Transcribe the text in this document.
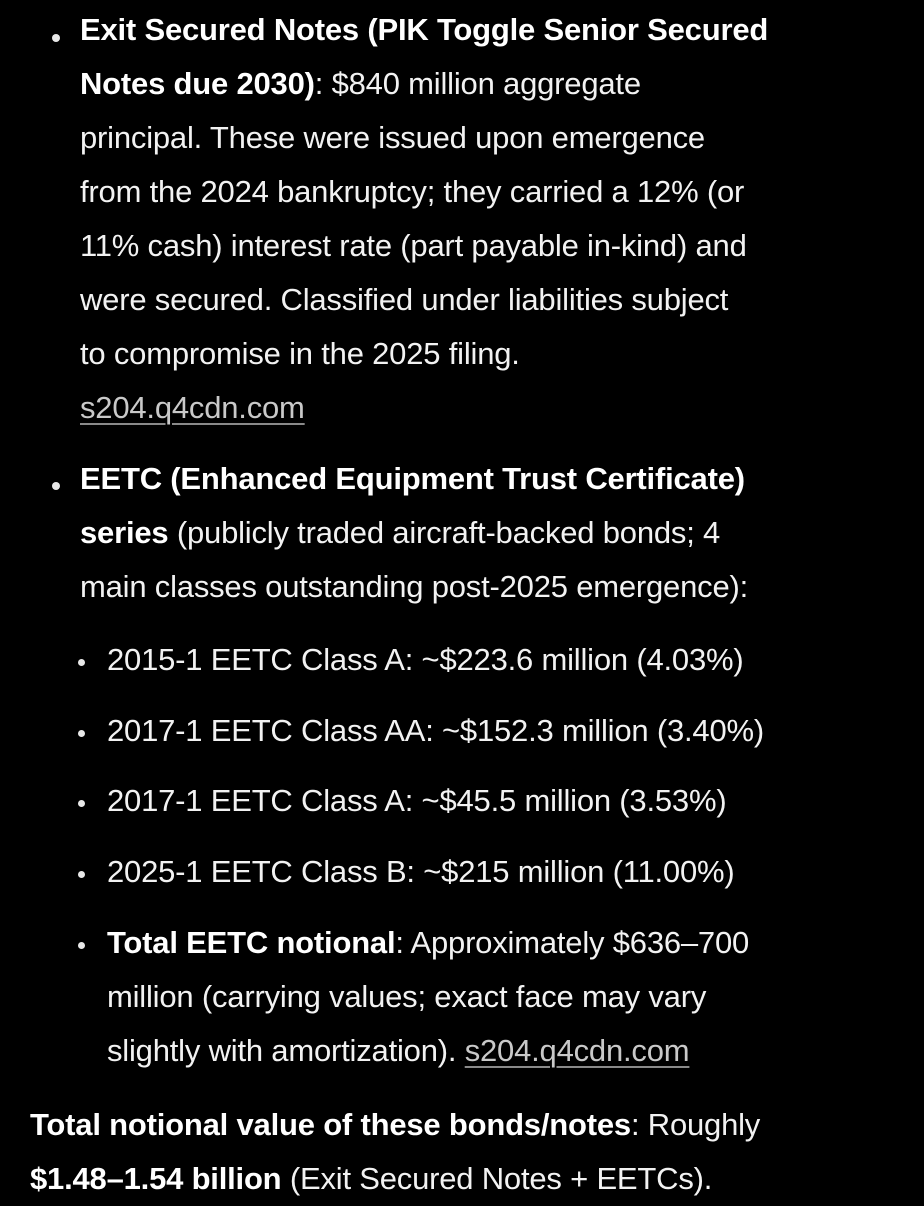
Exit Secured Notes (PIK Toggle Senior Secured
Notes due 2030): $840 million aggregate
principal. These were issued upon emergence
from the 2024 bankruptcy; they carried a 12% (or
11% cash) interest rate (part payable in-kind) and
were secured. Classified under liabilities subject
to compromise in the 2025 filing.
s204.q4cdn.com
EETC (Enhanced Equipment Trust Certificate)
series (publicly traded aircraft-backed bonds; 4
main classes outstanding post-2025 emergence):
2015-1 EETC Class A: ~$223.6 million (4.03%)
2017-1 EETC Class AA: ~$152.3 million (3.40%)
2017-1 EETC Class A: ~$45.5 million (3.53%)
2025-1 EETC Class B: ~$215 million (11.00%)
Total EETC notional: Approximately $636–700
million (carrying values; exact face may vary
slightly with amortization). s204.q4cdn.com
Total notional value of these bonds/notes: Roughly
$1.48–1.54 billion (Exit Secured Notes + EETCs).
